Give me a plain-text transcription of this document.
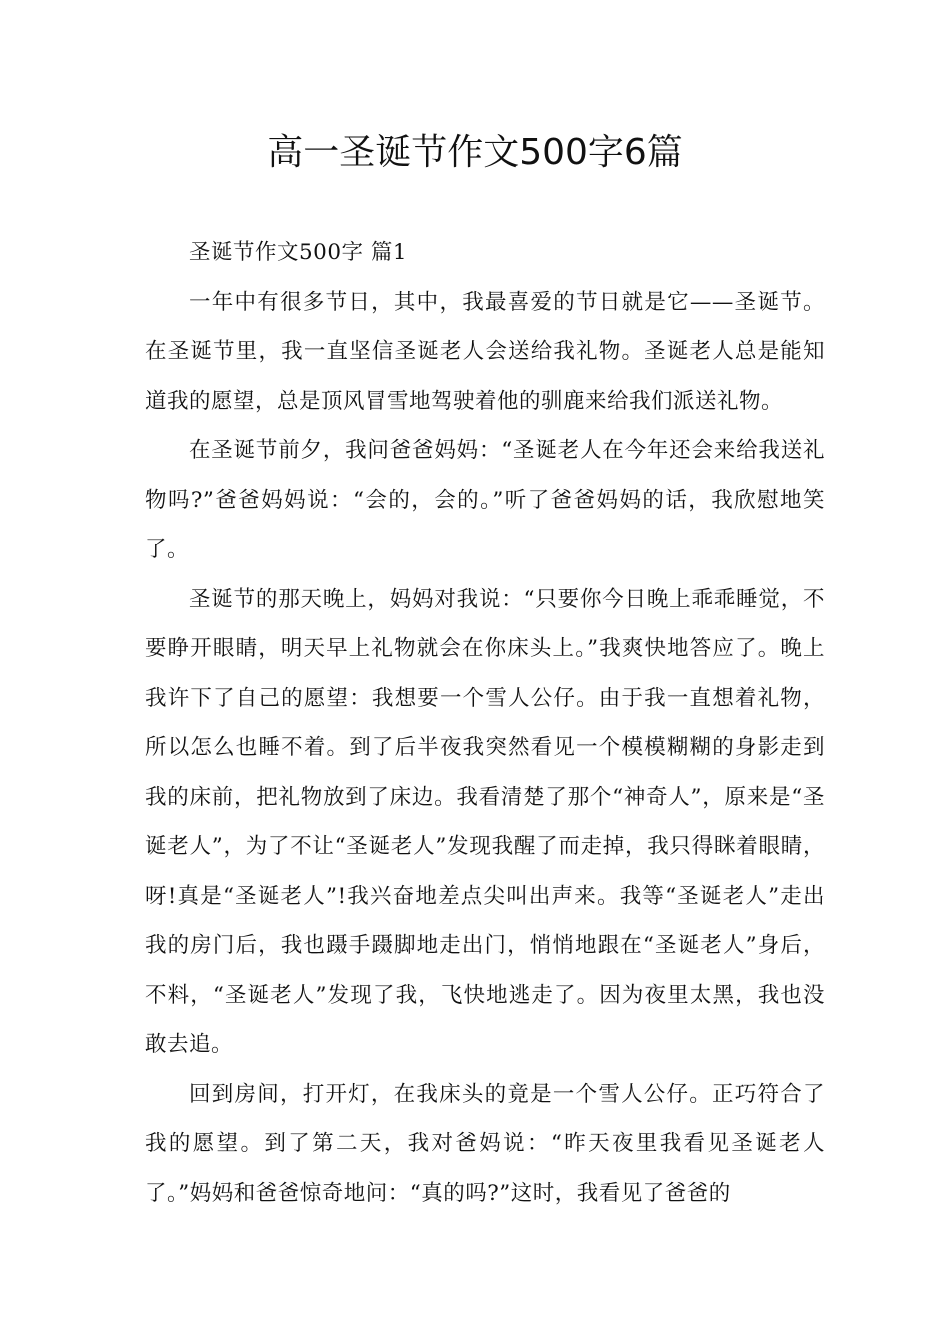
高一圣诞节作文500字6篇

圣诞节作文500字 篇1

一年中有很多节日，其中，我最喜爱的节日就是它——圣诞节。在圣诞节里，我一直坚信圣诞老人会送给我礼物。圣诞老人总是能知道我的愿望，总是顶风冒雪地驾驶着他的驯鹿来给我们派送礼物。

在圣诞节前夕，我问爸爸妈妈：“圣诞老人在今年还会来给我送礼物吗?”爸爸妈妈说：“会的，会的。”听了爸爸妈妈的话，我欣慰地笑了。

圣诞节的那天晚上，妈妈对我说：“只要你今日晚上乖乖睡觉，不要睁开眼睛，明天早上礼物就会在你床头上。”我爽快地答应了。晚上我许下了自己的愿望：我想要一个雪人公仔。由于我一直想着礼物，所以怎么也睡不着。到了后半夜我突然看见一个模模糊糊的身影走到我的床前，把礼物放到了床边。我看清楚了那个“神奇人”，原来是“圣诞老人”，为了不让“圣诞老人”发现我醒了而走掉，我只得眯着眼睛，呀!真是“圣诞老人”!我兴奋地差点尖叫出声来。我等“圣诞老人”走出我的房门后，我也蹑手蹑脚地走出门，悄悄地跟在“圣诞老人”身后，不料，“圣诞老人”发现了我，飞快地逃走了。因为夜里太黑，我也没敢去追。

回到房间，打开灯，在我床头的竟是一个雪人公仔。正巧符合了我的愿望。到了第二天，我对爸妈说：“昨天夜里我看见圣诞老人了。”妈妈和爸爸惊奇地问：“真的吗?”这时，我看见了爸爸的
